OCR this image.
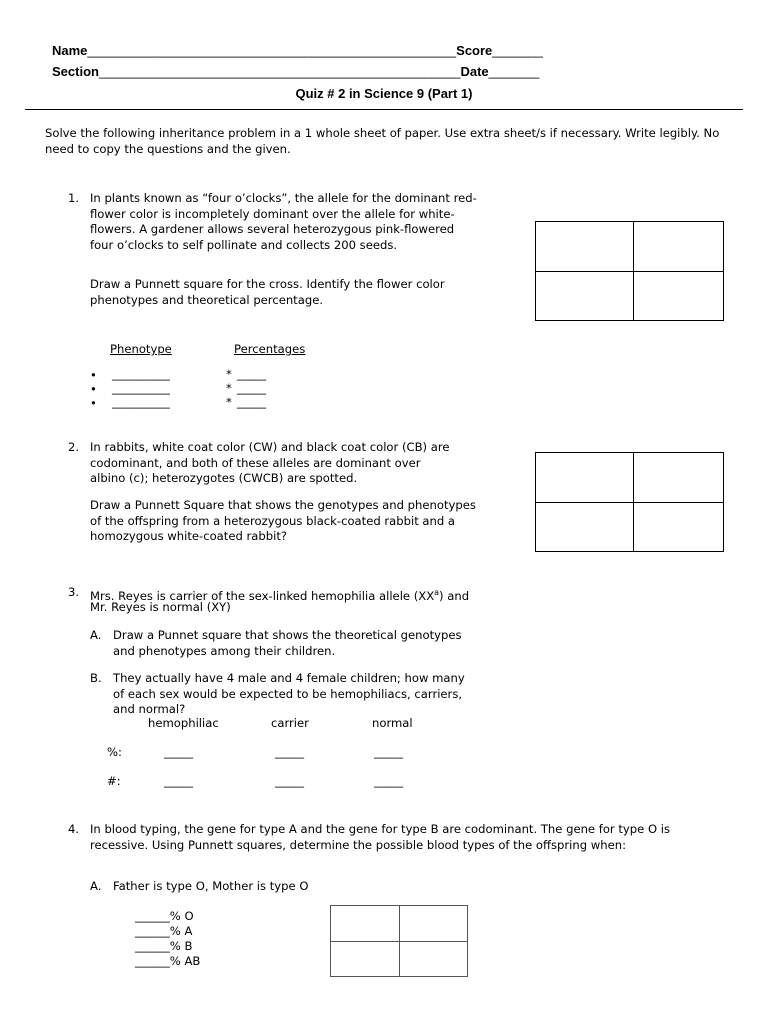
Name___________________________________________________Score_______
Section__________________________________________________Date_______
Quiz # 2 in Science 9 (Part 1)
Solve the following inheritance problem in a 1 whole sheet of paper. Use extra sheet/s if necessary. Write legibly. No
need to copy the questions and the given.
1. In plants known as “four o’clocks”, the allele for the dominant red-
flower color is incompletely dominant over the allele for white-
flowers. A gardener allows several heterozygous pink-flowered
four o’clocks to self pollinate and collects 200 seeds.
Draw a Punnett square for the cross. Identify the flower color
phenotypes and theoretical percentage.
Phenotype	Percentages
• __________	* _____
• __________	* _____
• __________	* _____
2. In rabbits, white coat color (CW) and black coat color (CB) are
codominant, and both of these alleles are dominant over
albino (c); heterozygotes (CWCB) are spotted.
Draw a Punnett Square that shows the genotypes and phenotypes
of the offspring from a heterozygous black-coated rabbit and a
homozygous white-coated rabbit?
3. Mrs. Reyes is carrier of the sex-linked hemophilia allele $(XX^a)$ and
Mr. Reyes is normal (XY)
A. Draw a Punnet square that shows the theoretical genotypes
and phenotypes among their children.
B. They actually have 4 male and 4 female children; how many
of each sex would be expected to be hemophiliacs, carriers,
and normal?
hemophiliac	carrier	normal
%:	_____	_____	_____
#:	_____	_____	_____
4. In blood typing, the gene for type A and the gene for type B are codominant. The gene for type O is
recessive. Using Punnett squares, determine the possible blood types of the offspring when:
A. Father is type O, Mother is type O
______% O
______% A
______% B
______% AB
